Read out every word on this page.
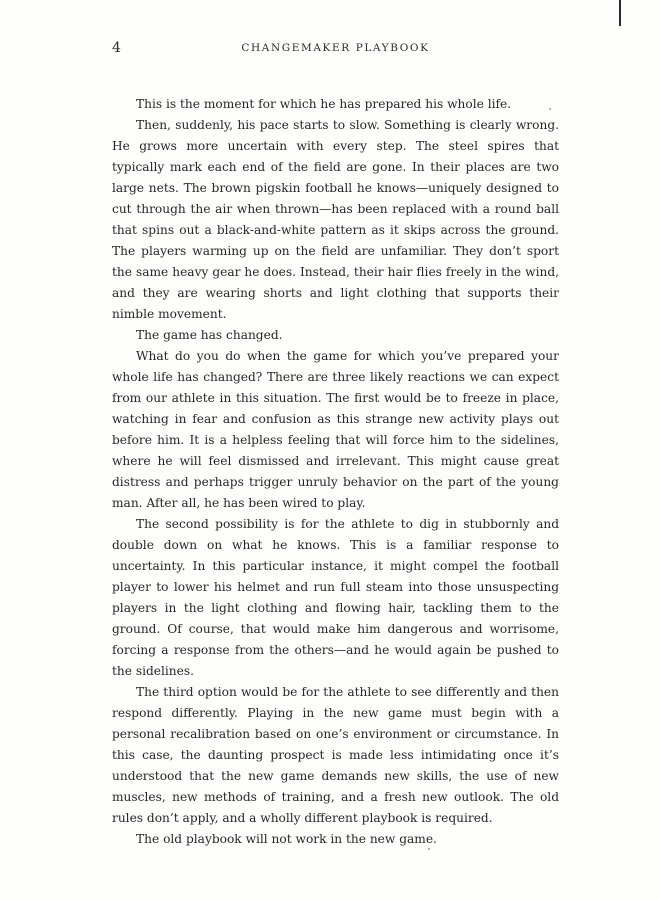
4	CHANGEMAKER PLAYBOOK

This is the moment for which he has prepared his whole life.

Then, suddenly, his pace starts to slow. Something is clearly wrong. He grows more uncertain with every step. The steel spires that typically mark each end of the field are gone. In their places are two large nets. The brown pigskin football he knows—uniquely designed to cut through the air when thrown—has been replaced with a round ball that spins out a black-and-white pattern as it skips across the ground. The players warming up on the field are unfamiliar. They don’t sport the same heavy gear he does. Instead, their hair flies freely in the wind, and they are wearing shorts and light clothing that supports their nimble movement.

The game has changed.

What do you do when the game for which you’ve prepared your whole life has changed? There are three likely reactions we can expect from our athlete in this situation. The first would be to freeze in place, watching in fear and confusion as this strange new activity plays out before him. It is a helpless feeling that will force him to the sidelines, where he will feel dismissed and irrelevant. This might cause great distress and perhaps trigger unruly behavior on the part of the young man. After all, he has been wired to play.

The second possibility is for the athlete to dig in stubbornly and double down on what he knows. This is a familiar response to uncertainty. In this particular instance, it might compel the football player to lower his helmet and run full steam into those unsuspecting players in the light clothing and flowing hair, tackling them to the ground. Of course, that would make him dangerous and worrisome, forcing a response from the others—and he would again be pushed to the sidelines.

The third option would be for the athlete to see differently and then respond differently. Playing in the new game must begin with a personal recalibration based on one’s environment or circumstance. In this case, the daunting prospect is made less intimidating once it’s understood that the new game demands new skills, the use of new muscles, new methods of training, and a fresh new outlook. The old rules don’t apply, and a wholly different playbook is required.

The old playbook will not work in the new game.
